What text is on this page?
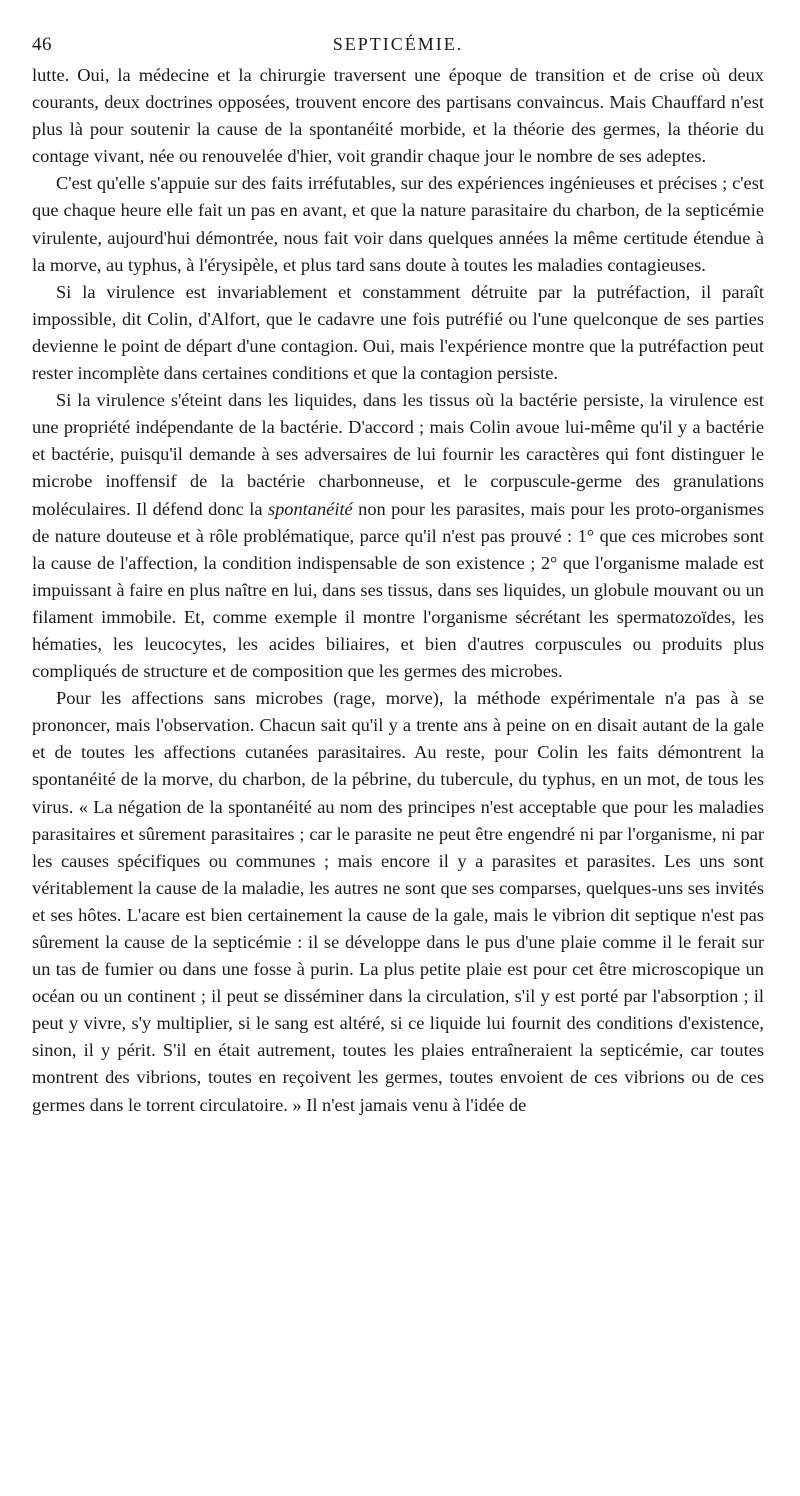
46	SEPTICÉMIE.

lutte. Oui, la médecine et la chirurgie traversent une époque de transition et de crise où deux courants, deux doctrines opposées, trouvent encore des partisans convaincus. Mais Chauffard n'est plus là pour soutenir la cause de la spontanéité morbide, et la théorie des germes, la théorie du contage vivant, née ou renouvelée d'hier, voit grandir chaque jour le nombre de ses adeptes.

C'est qu'elle s'appuie sur des faits irréfutables, sur des expériences ingénieuses et précises ; c'est que chaque heure elle fait un pas en avant, et que la nature parasitaire du charbon, de la septicémie virulente, aujourd'hui démontrée, nous fait voir dans quelques années la même certitude étendue à la morve, au typhus, à l'érysipèle, et plus tard sans doute à toutes les maladies contagieuses.

Si la virulence est invariablement et constamment détruite par la putréfaction, il paraît impossible, dit Colin, d'Alfort, que le cadavre une fois putréfié ou l'une quelconque de ses parties devienne le point de départ d'une contagion. Oui, mais l'expérience montre que la putréfaction peut rester incomplète dans certaines conditions et que la contagion persiste.

Si la virulence s'éteint dans les liquides, dans les tissus où la bactérie persiste, la virulence est une propriété indépendante de la bactérie. D'accord ; mais Colin avoue lui-même qu'il y a bactérie et bactérie, puisqu'il demande à ses adversaires de lui fournir les caractères qui font distinguer le microbe inoffensif de la bactérie charbonneuse, et le corpuscule-germe des granulations moléculaires. Il défend donc la spontanéité non pour les parasites, mais pour les proto-organismes de nature douteuse et à rôle problématique, parce qu'il n'est pas prouvé : 1° que ces microbes sont la cause de l'affection, la condition indispensable de son existence ; 2° que l'organisme malade est impuissant à faire en plus naître en lui, dans ses tissus, dans ses liquides, un globule mouvant ou un filament immobile. Et, comme exemple il montre l'organisme sécrétant les spermatozoïdes, les hématies, les leucocytes, les acides biliaires, et bien d'autres corpuscules ou produits plus compliqués de structure et de composition que les germes des microbes.

Pour les affections sans microbes (rage, morve), la méthode expérimentale n'a pas à se prononcer, mais l'observation. Chacun sait qu'il y a trente ans à peine on en disait autant de la gale et de toutes les affections cutanées parasitaires. Au reste, pour Colin les faits démontrent la spontanéité de la morve, du charbon, de la pébrine, du tubercule, du typhus, en un mot, de tous les virus. « La négation de la spontanéité au nom des principes n'est acceptable que pour les maladies parasitaires et sûrement parasitaires ; car le parasite ne peut être engendré ni par l'organisme, ni par les causes spécifiques ou communes ; mais encore il y a parasites et parasites. Les uns sont véritablement la cause de la maladie, les autres ne sont que ses comparses, quelques-uns ses invités et ses hôtes. L'acare est bien certainement la cause de la gale, mais le vibrion dit septique n'est pas sûrement la cause de la septicémie : il se développe dans le pus d'une plaie comme il le ferait sur un tas de fumier ou dans une fosse à purin. La plus petite plaie est pour cet être microscopique un océan ou un continent ; il peut se disséminer dans la circulation, s'il y est porté par l'absorption ; il peut y vivre, s'y multiplier, si le sang est altéré, si ce liquide lui fournit des conditions d'existence, sinon, il y périt. S'il en était autrement, toutes les plaies entraîneraient la septicémie, car toutes montrent des vibrions, toutes en reçoivent les germes, toutes envoient de ces vibrions ou de ces germes dans le torrent circulatoire. » Il n'est jamais venu à l'idée de
